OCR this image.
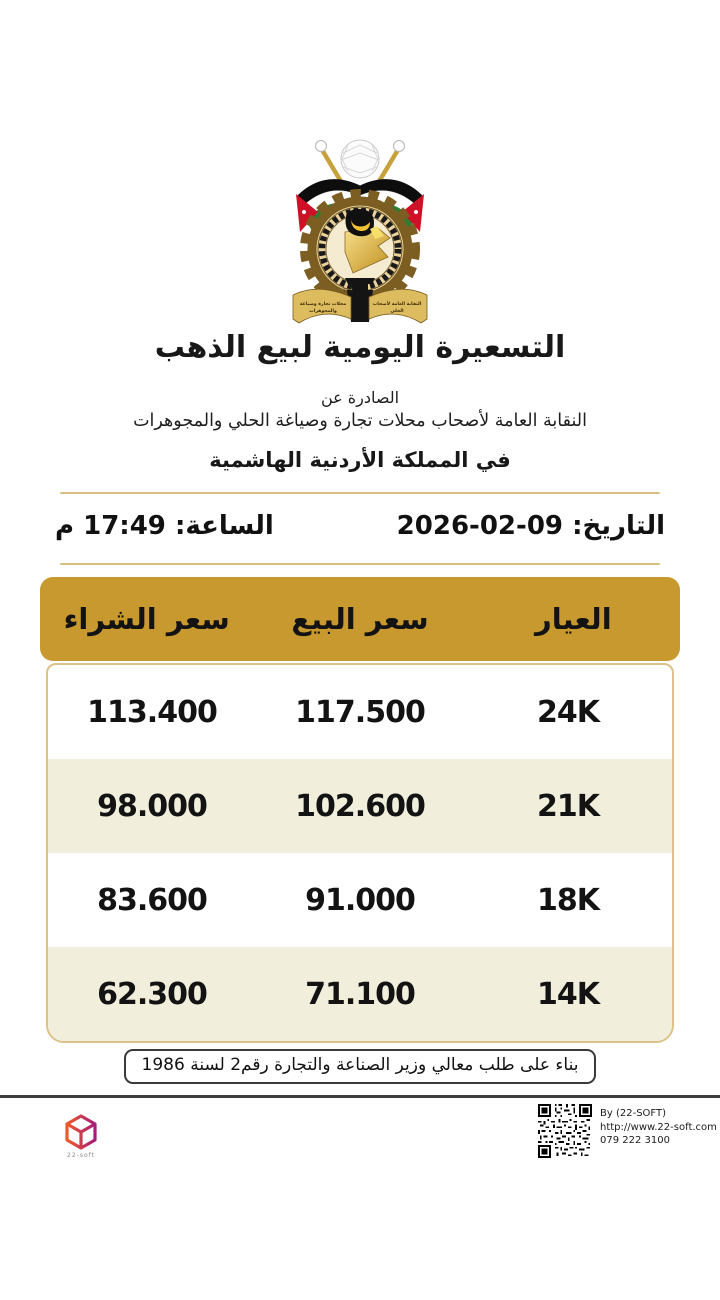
1972
محلات تجارة وصياغة
والمجوهرات
النقابة العامة لأصحاب
الحلي
التسعيرة اليومية لبيع الذهب
الصادرة عن
النقابة العامة لأصحاب محلات تجارة وصياغة الحلي والمجوهرات
في المملكة الأردنية الهاشمية
التاريخ: 09-02-2026
الساعة: 17:49 م
العيار
سعر البيع
سعر الشراء
24K
117.500
113.400
21K
102.600
98.000
18K
91.000
83.600
14K
71.100
62.300
بناء على طلب معالي وزير الصناعة والتجارة رقم2 لسنة 1986
By (22-SOFT)
http://www.22-soft.com
079 222 3100
22-soft
